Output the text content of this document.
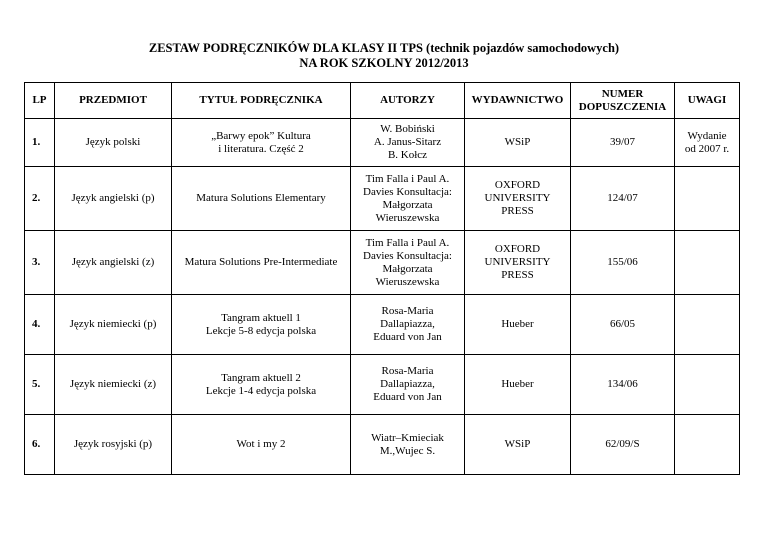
ZESTAW PODRĘCZNIKÓW DLA KLASY II TPS (technik pojazdów samochodowych)
NA ROK SZKOLNY 2012/2013
LP	PRZEDMIOT	TYTUŁ PODRĘCZNIKA	AUTORZY	WYDAWNICTWO	NUMER
DOPUSZCZENIA	UWAGI
1.	Język polski	„Barwy epok” Kultura
i literatura. Część 2	W. Bobiński
A. Janus-Sitarz
B. Kołcz	WSiP	39/07	Wydanie
od 2007 r.
2.	Język angielski (p)	Matura Solutions Elementary	Tim Falla i Paul A.
Davies Konsultacja:
Małgorzata
Wieruszewska	OXFORD
UNIVERSITY
PRESS	124/07	
3.	Język angielski (z)	Matura Solutions Pre-Intermediate	Tim Falla i Paul A.
Davies Konsultacja:
Małgorzata
Wieruszewska	OXFORD
UNIVERSITY
PRESS	155/06	
4.	Język niemiecki (p)	Tangram aktuell 1
Lekcje 5-8 edycja polska	Rosa-Maria
Dallapiazza,
Eduard von Jan	Hueber	66/05	
5.	Język niemiecki (z)	Tangram aktuell 2
Lekcje 1-4 edycja polska	Rosa-Maria
Dallapiazza,
Eduard von Jan	Hueber	134/06	
6.	Język rosyjski (p)	Wot i my 2	Wiatr–Kmieciak
M.,Wujec S.	WSiP	62/09/S	
